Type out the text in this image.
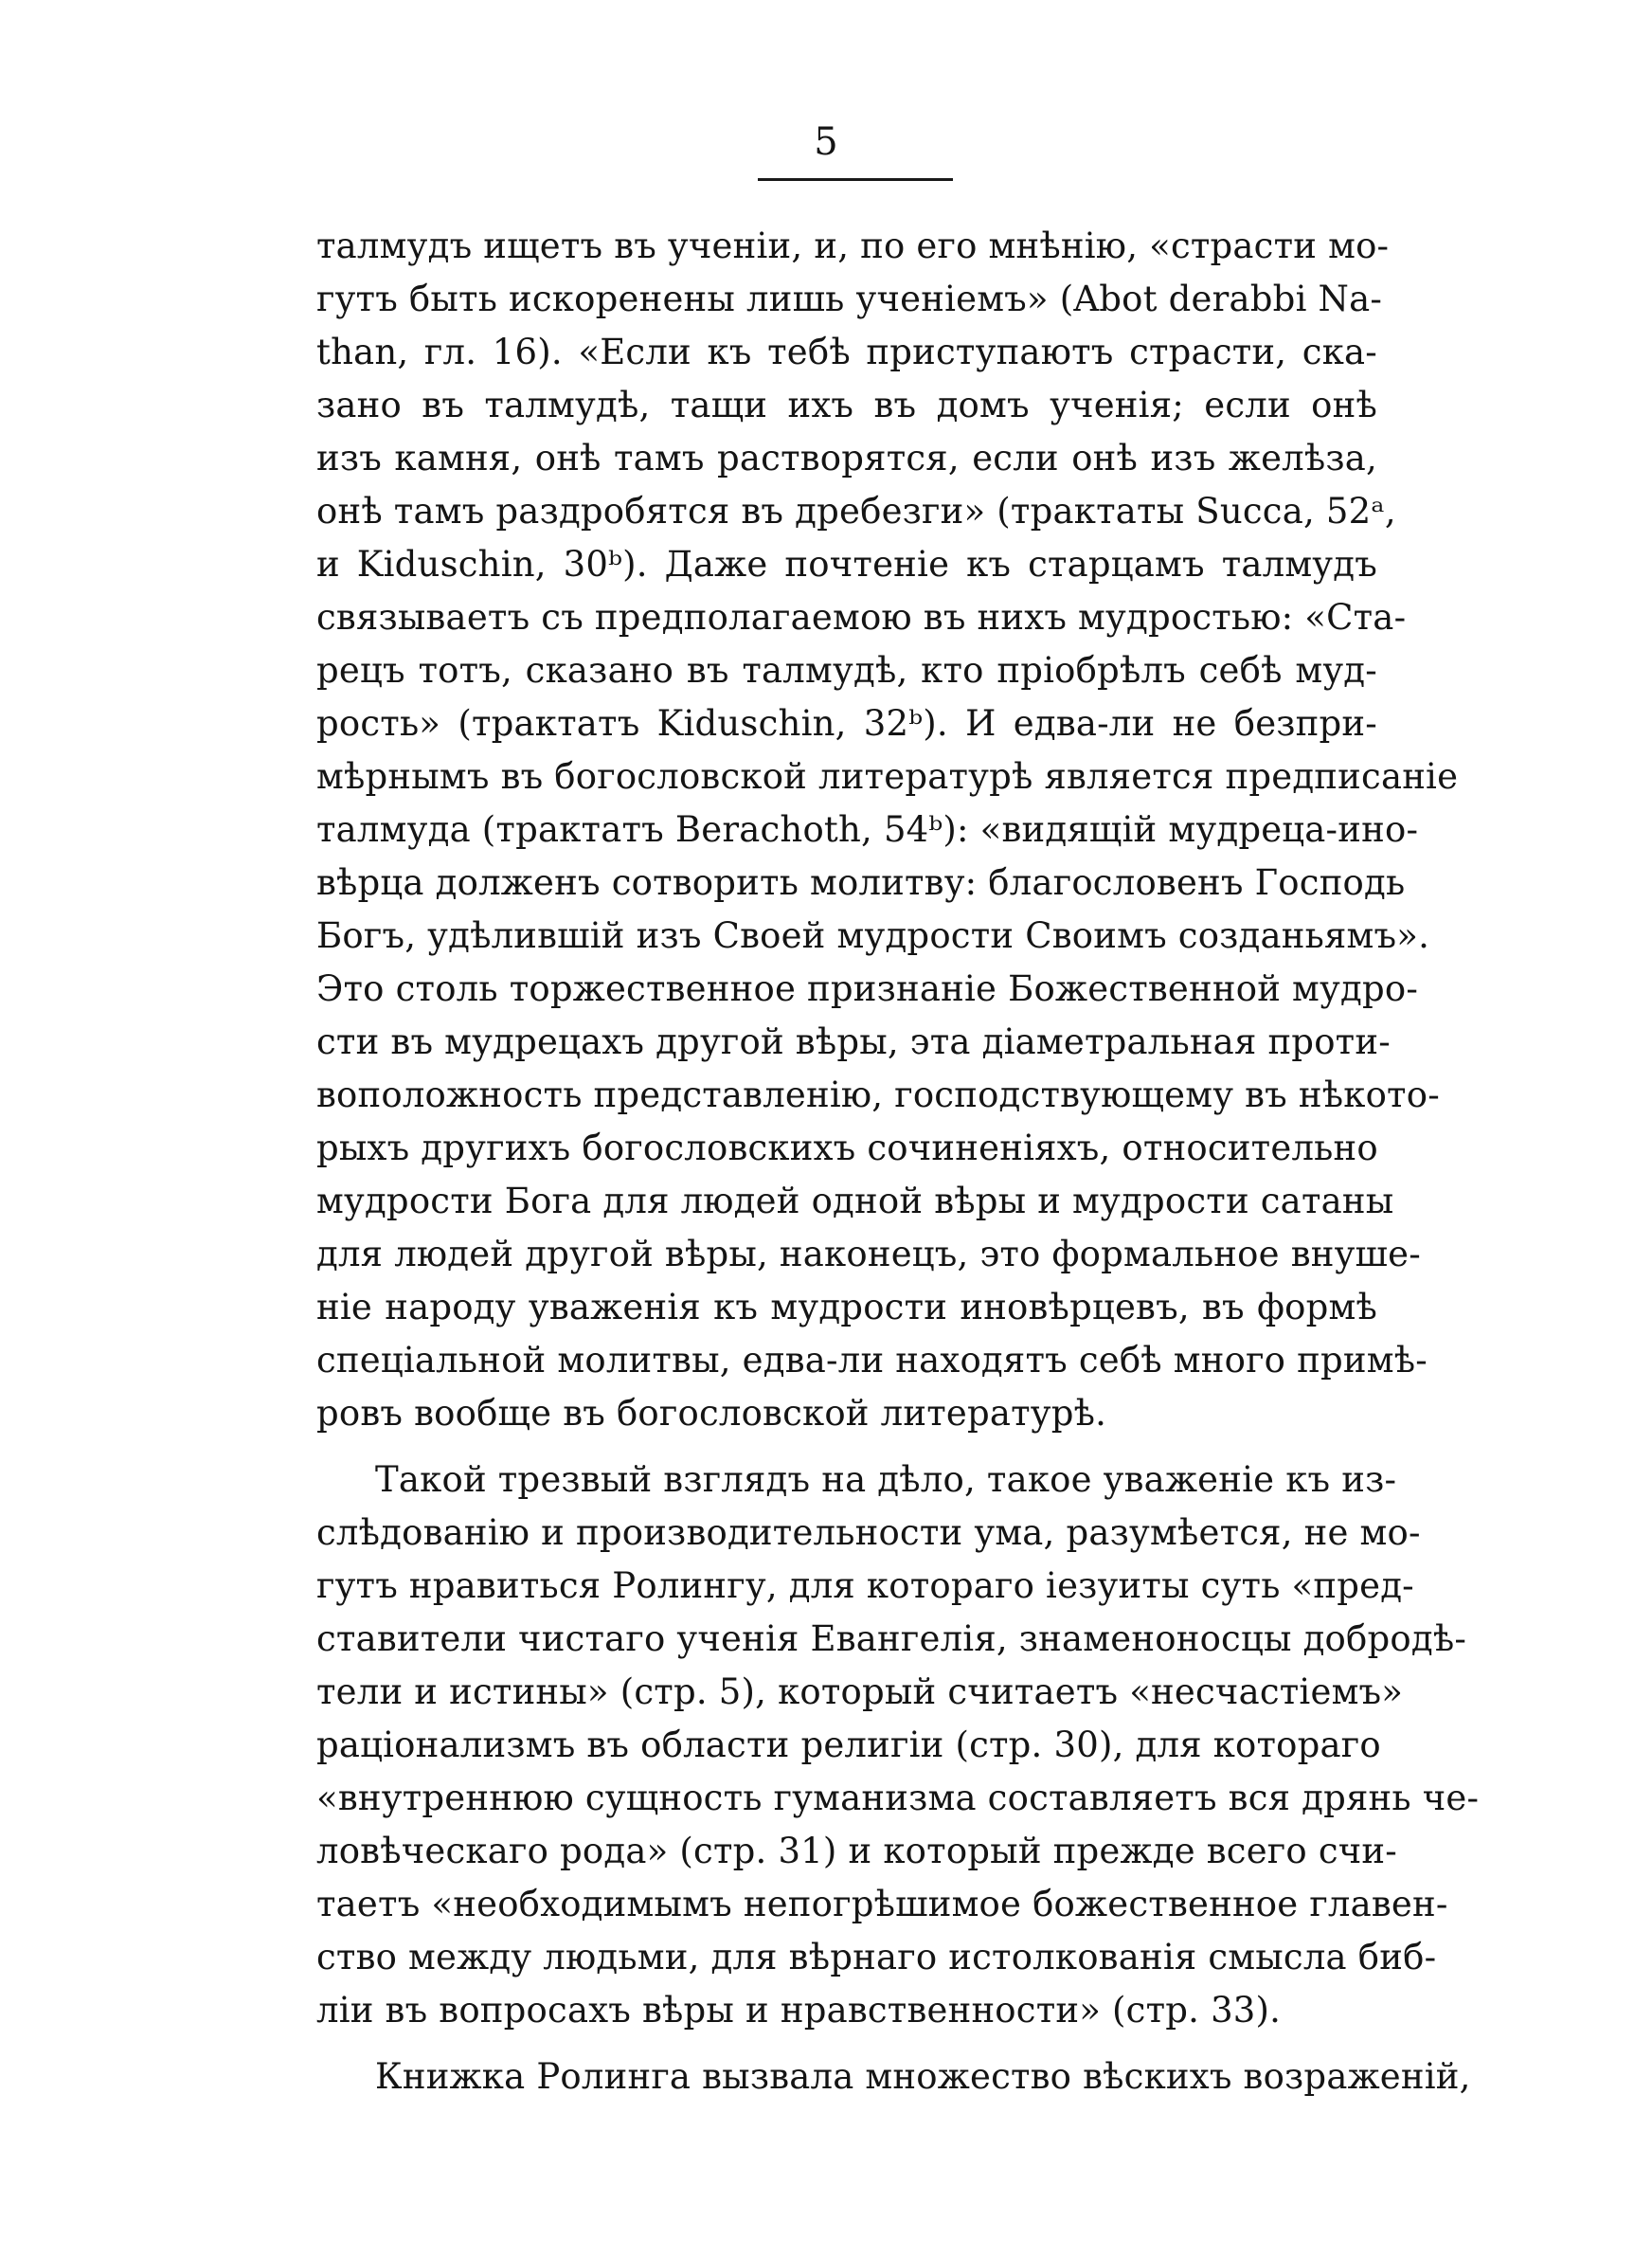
5
талмудъ ищетъ въ ученіи, и, по его мнѣнію, «страсти мо-
гутъ быть искоренены лишь ученіемъ» (Abot derabbi Na-
than, гл. 16). «Если къ тебѣ приступаютъ страсти, ска-
зано въ талмудѣ, тащи ихъ въ домъ ученія; если онѣ
изъ камня, онѣ тамъ растворятся, если онѣ изъ желѣза,
онѣ тамъ раздробятся въ дребезги» (трактаты Succa, 52ᵃ,
и Kiduschin, 30ᵇ). Даже почтеніе къ старцамъ талмудъ
связываетъ съ предполагаемою въ нихъ мудростью: «Ста-
рецъ тотъ, сказано въ талмудѣ, кто пріобрѣлъ себѣ муд-
рость» (трактатъ Kiduschin, 32ᵇ). И едва-ли не безпри-
мѣрнымъ въ богословской литературѣ является предписаніе
талмуда (трактатъ Berachoth, 54ᵇ): «видящій мудреца-ино-
вѣрца долженъ сотворить молитву: благословенъ Господь
Богъ, удѣлившій изъ Своей мудрости Своимъ созданьямъ».
Это столь торжественное признаніе Божественной мудро-
сти въ мудрецахъ другой вѣры, эта діаметральная проти-
воположность представленію, господствующему въ нѣкото-
рыхъ другихъ богословскихъ сочиненіяхъ, относительно
мудрости Бога для людей одной вѣры и мудрости сатаны
для людей другой вѣры, наконецъ, это формальное внуше-
ніе народу уваженія къ мудрости иновѣрцевъ, въ формѣ
спеціальной молитвы, едва-ли находятъ себѣ много примѣ-
ровъ вообще въ богословской литературѣ.
Такой трезвый взглядъ на дѣло, такое уваженіе къ из-
слѣдованію и производительности ума, разумѣется, не мо-
гутъ нравиться Ролингу, для котораго іезуиты суть «пред-
ставители чистаго ученія Евангелія, знаменоносцы добродѣ-
тели и истины» (стр. 5), который считаетъ «несчастіемъ»
раціонализмъ въ области религіи (стр. 30), для котораго
«внутреннюю сущность гуманизма составляетъ вся дрянь че-
ловѣческаго рода» (стр. 31) и который прежде всего счи-
таетъ «необходимымъ непогрѣшимое божественное главен-
ство между людьми, для вѣрнаго истолкованія смысла биб-
ліи въ вопросахъ вѣры и нравственности» (стр. 33).
Книжка Ролинга вызвала множество вѣскихъ возраженій,
